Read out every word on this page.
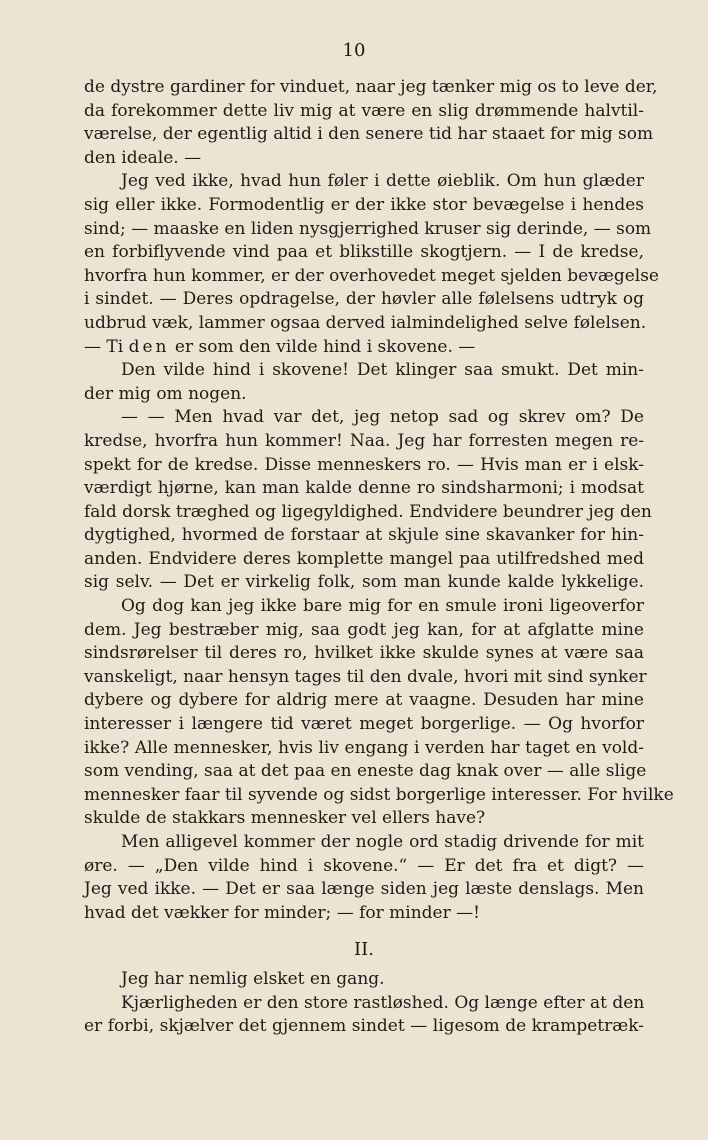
10
de dystre gardiner for vinduet, naar jeg tænker mig os to leve der,
da forekommer dette liv mig at være en slig drømmende halvtil-
værelse, der egentlig altid i den senere tid har staaet for mig som
den ideale. —
Jeg ved ikke, hvad hun føler i dette øieblik. Om hun glæder
sig eller ikke. Formodentlig er der ikke stor bevægelse i hendes
sind; — maaske en liden nysgjerrighed kruser sig derinde, — som
en forbiflyvende vind paa et blikstille skogtjern. — I de kredse,
hvorfra hun kommer, er der overhovedet meget sjelden bevægelse
i sindet. — Deres opdragelse, der høvler alle følelsens udtryk og
udbrud væk, lammer ogsaa derved ialmindelighed selve følelsen.
— Ti den er som den vilde hind i skovene. —
Den vilde hind i skovene! Det klinger saa smukt. Det min-
der mig om nogen.
— — Men hvad var det, jeg netop sad og skrev om? De
kredse, hvorfra hun kommer! Naa. Jeg har forresten megen re-
spekt for de kredse. Disse menneskers ro. — Hvis man er i elsk-
værdigt hjørne, kan man kalde denne ro sindsharmoni; i modsat
fald dorsk træghed og ligegyldighed. Endvidere beundrer jeg den
dygtighed, hvormed de forstaar at skjule sine skavanker for hin-
anden. Endvidere deres komplette mangel paa utilfredshed med
sig selv. — Det er virkelig folk, som man kunde kalde lykkelige.
Og dog kan jeg ikke bare mig for en smule ironi ligeoverfor
dem. Jeg bestræber mig, saa godt jeg kan, for at afglatte mine
sindsrørelser til deres ro, hvilket ikke skulde synes at være saa
vanskeligt, naar hensyn tages til den dvale, hvori mit sind synker
dybere og dybere for aldrig mere at vaagne. Desuden har mine
interesser i længere tid været meget borgerlige. — Og hvorfor
ikke? Alle mennesker, hvis liv engang i verden har taget en vold-
som vending, saa at det paa en eneste dag knak over — alle slige
mennesker faar til syvende og sidst borgerlige interesser. For hvilke
skulde de stakkars mennesker vel ellers have?
Men alligevel kommer der nogle ord stadig drivende for mit
øre. — „Den vilde hind i skovene.“ — Er det fra et digt? —
Jeg ved ikke. — Det er saa længe siden jeg læste denslags. Men
hvad det vækker for minder; — for minder —!
II.
Jeg har nemlig elsket en gang.
Kjærligheden er den store rastløshed. Og længe efter at den
er forbi, skjælver det gjennem sindet — ligesom de krampetræk-
